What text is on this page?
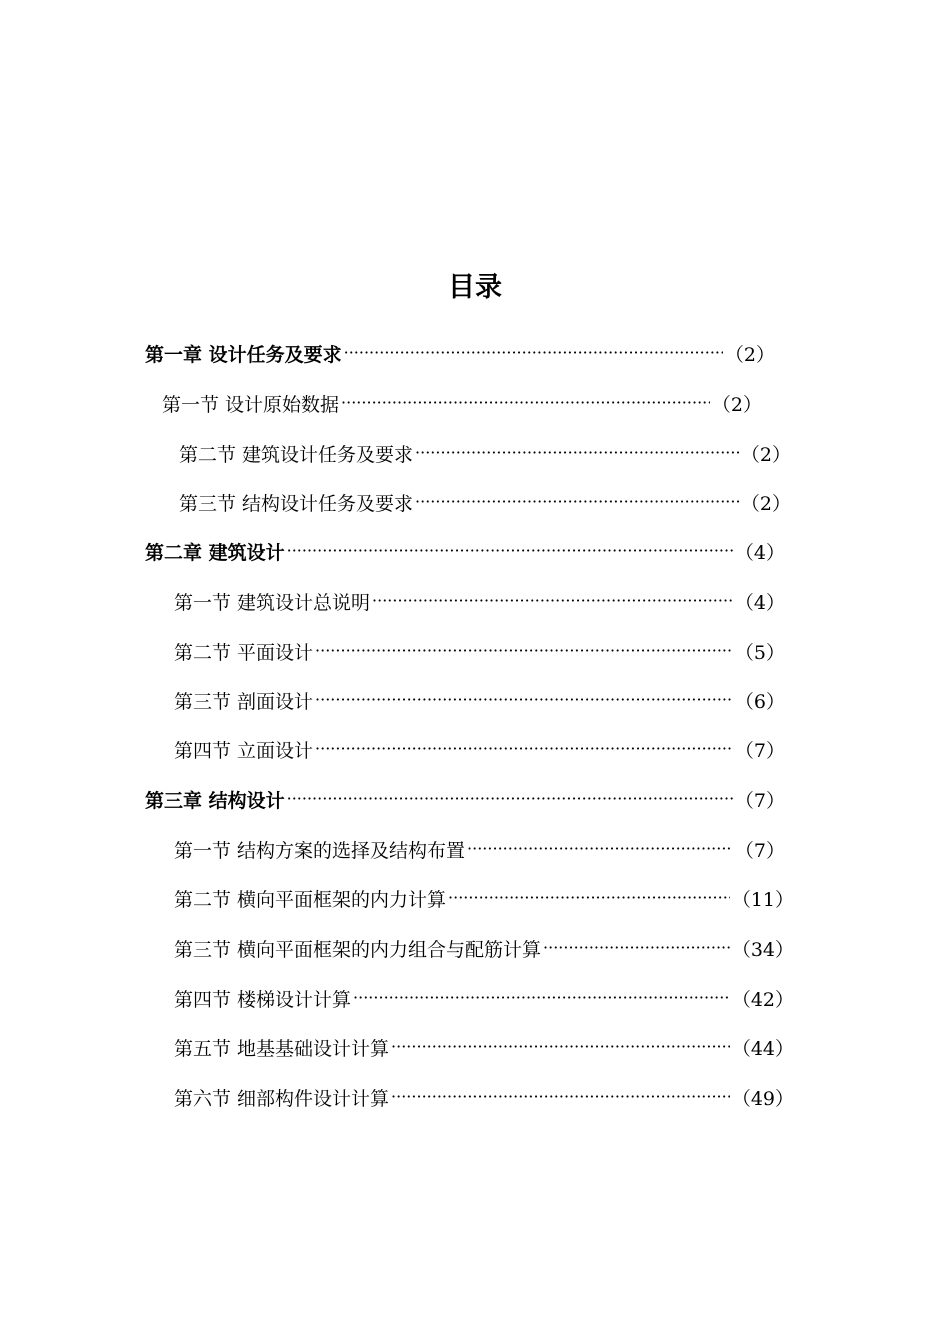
目录
第一章 设计任务及要求 ·····	（2）
第一节 设计原始数据 ·····	（2）
第二节 建筑设计任务及要求 ·····	（2）
第三节 结构设计任务及要求 ·····	（2）
第二章 建筑设计 ·····	（4）
第一节 建筑设计总说明 ·····	（4）
第二节 平面设计 ·····	（5）
第三节 剖面设计 ·····	（6）
第四节 立面设计 ·····	（7）
第三章 结构设计 ·····	（7）
第一节 结构方案的选择及结构布置 ·····	（7）
第二节 横向平面框架的内力计算 ·····	（11）
第三节 横向平面框架的内力组合与配筋计算 ·····	（34）
第四节 楼梯设计计算 ·····	（42）
第五节 地基基础设计计算 ·····	（44）
第六节 细部构件设计计算 ·····	（49）
